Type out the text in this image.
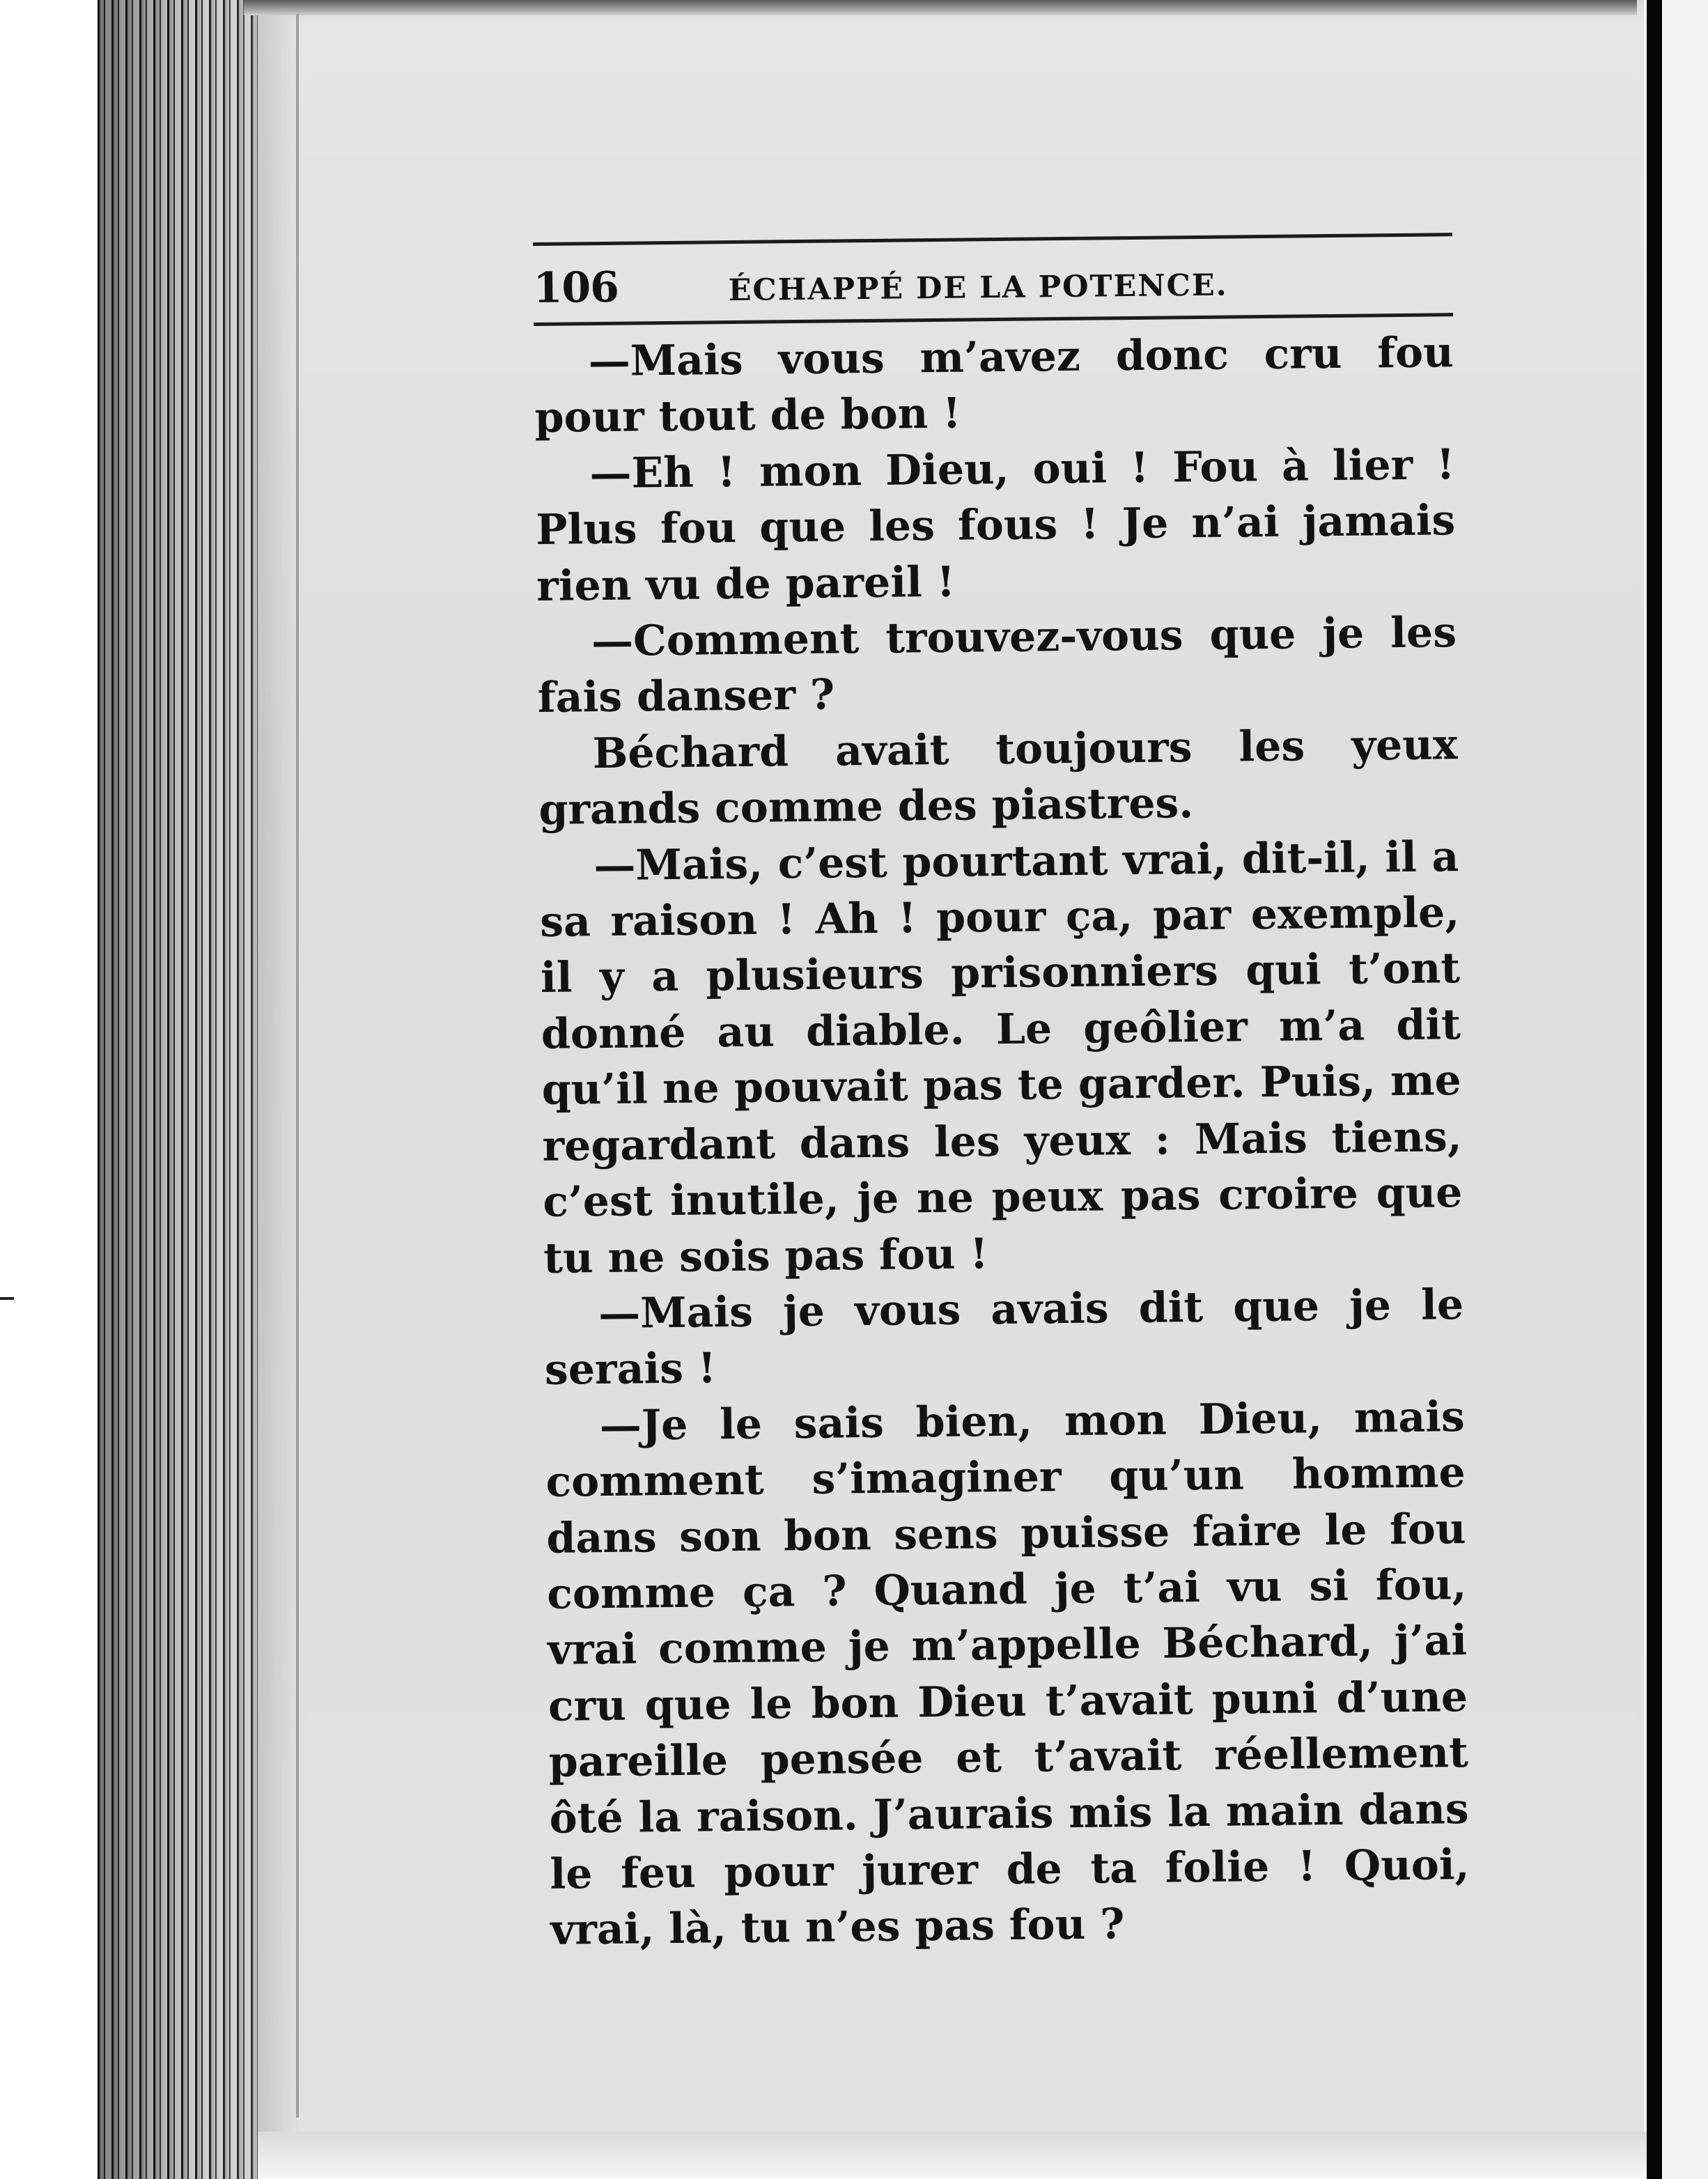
106	ÉCHAPPÉ DE LA POTENCE.

—Mais vous m’avez donc cru fou pour tout de bon !

—Eh ! mon Dieu, oui ! Fou à lier ! Plus fou que les fous ! Je n’ai jamais rien vu de pareil !

—Comment trouvez-vous que je les fais danser ?

Béchard avait toujours les yeux grands comme des piastres.

—Mais, c’est pourtant vrai, dit-il, il a sa raison ! Ah ! pour ça, par exemple, il y a plusieurs prisonniers qui t’ont donné au diable. Le geôlier m’a dit qu’il ne pouvait pas te garder. Puis, me regardant dans les yeux : Mais tiens, c’est inutile, je ne peux pas croire que tu ne sois pas fou !

—Mais je vous avais dit que je le serais !

—Je le sais bien, mon Dieu, mais comment s’imaginer qu’un homme dans son bon sens puisse faire le fou comme ça ? Quand je t’ai vu si fou, vrai comme je m’appelle Béchard, j’ai cru que le bon Dieu t’avait puni d’une pareille pensée et t’avait réellement ôté la raison. J’aurais mis la main dans le feu pour jurer de ta folie ! Quoi, vrai, là, tu n’es pas fou ?
